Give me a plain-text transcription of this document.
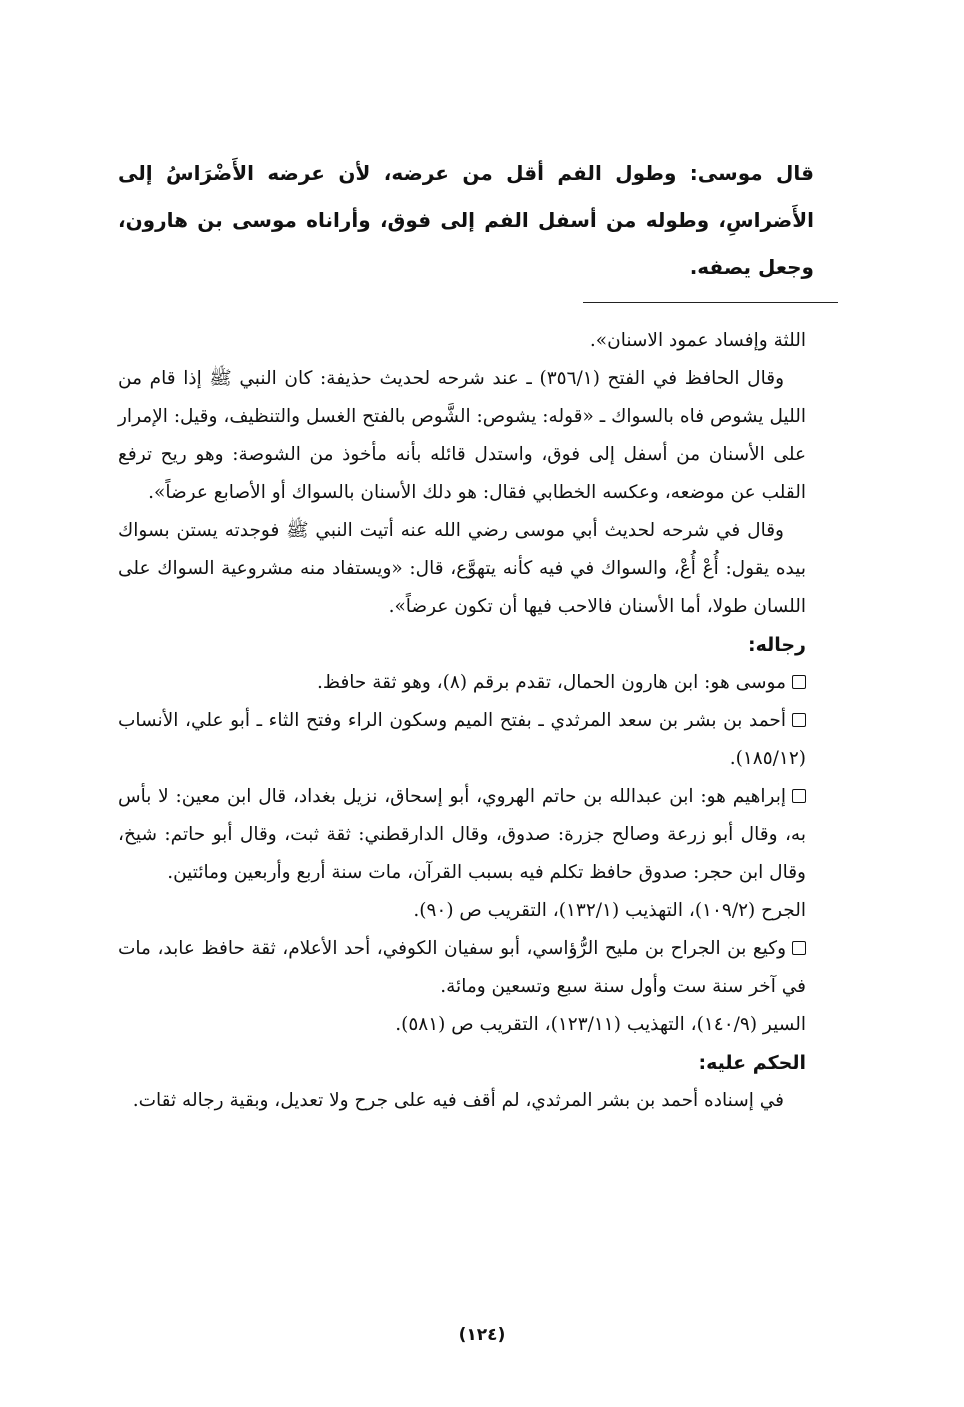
قال موسى: وطول الفم أقل من عرضه، لأن عرضه الأَضْرَاسُ إلى الأَضراسِ، وطوله من أسفل الفم إلى فوق، وأراناه موسى بن هارون، وجعل يصفه.

اللثة وإفساد عمود الاسنان».

وقال الحافظ في الفتح (٣٥٦/١) ـ عند شرحه لحديث حذيفة: كان النبي ﷺ إذا قام من الليل يشوص فاه بالسواك ـ «قوله: يشوص: الشَّوص بالفتح الغسل والتنظيف، وقيل: الإمرار على الأسنان من أسفل إلى فوق، واستدل قائله بأنه مأخوذ من الشوصة: وهو ريح ترفع القلب عن موضعه، وعكسه الخطابي فقال: هو دلك الأسنان بالسواك أو الأصابع عرضاً».

وقال في شرحه لحديث أبي موسى رضي الله عنه أتيت النبي ﷺ فوجدته يستن بسواك بيده يقول: أُعْ أُعْ، والسواك في فيه كأنه يتهوَّع، قال: «ويستفاد منه مشروعية السواك على اللسان طولا، أما الأسنان فالاحب فيها أن تكون عرضاً».

رجاله:

موسى هو: ابن هارون الحمال، تقدم برقم (٨)، وهو ثقة حافظ.

أحمد بن بشر بن سعد المرثدي ـ بفتح الميم وسكون الراء وفتح الثاء ـ أبو علي، الأنساب (١٨٥/١٢).

إبراهيم هو: ابن عبدالله بن حاتم الهروي، أبو إسحاق، نزيل بغداد، قال ابن معين: لا بأس به، وقال أبو زرعة وصالح جزرة: صدوق، وقال الدارقطني: ثقة ثبت، وقال أبو حاتم: شيخ، وقال ابن حجر: صدوق حافظ تكلم فيه بسبب القرآن، مات سنة أربع وأربعين ومائتين.

الجرح (١٠٩/٢)، التهذيب (١٣٢/١)، التقريب ص (٩٠).

وكيع بن الجراح بن مليح الرُّؤاسي، أبو سفيان الكوفي، أحد الأعلام، ثقة حافظ عابد، مات في آخر سنة ست وأول سنة سبع وتسعين ومائة.

السير (١٤٠/٩)، التهذيب (١٢٣/١١)، التقريب ص (٥٨١).

الحكم عليه:

في إسناده أحمد بن بشر المرثدي، لم أقف فيه على جرح ولا تعديل، وبقية رجاله ثقات.

(١٢٤)
